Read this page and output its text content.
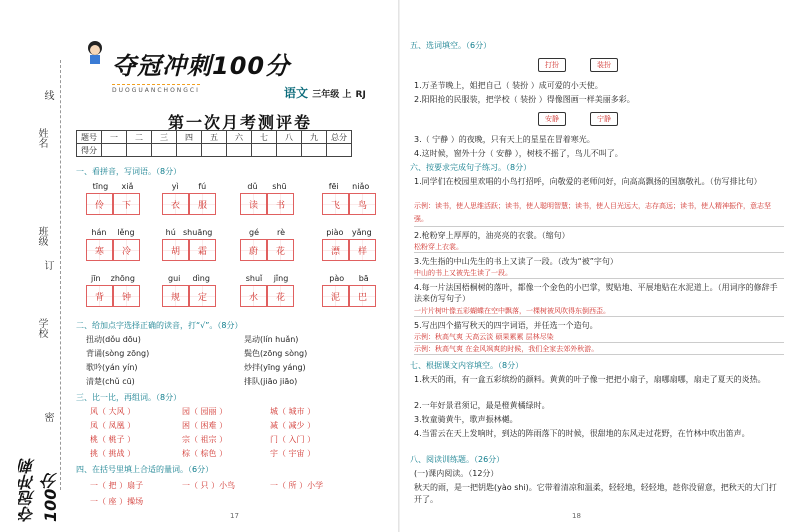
线
姓名
班级
订
学校
密
夺冠冲刺100分
夺冠冲刺100分
DUOGUANCHONGCI	语文 三年级 上 RJ
第一次月考测评卷
题号	一	二	三	四	五	六	七	八	九	总分
得分										
一、看拼音，写词语。（8分）
tīng xiǎ
伶	下
yì fú
衣	服
dǔ shū
读	书
fēi niǎo
飞	鸟
hán lěng
寒	冷
hú shuāng
胡	霜
gé rè
蔚	花
piào yǎng
漂	样
jīn zhōng
背	钟
gui dìng
规	定
shuǐ jǐng
水	花
pào bā
泥	巴
二、给加点字选择正确的读音，打“√”。（8分）
扭动(dǒu dōu)	晃动(lín huǎn)
背诵(sòng zōng)	鬓色(zōng sòng)
歌吟(yán yín)	炒拌(yīng yáng)
清楚(chǔ cū)	排队(jiāo jiāo)
三、比一比，再组词。（8分）
风（ 大风 ）	园（ 园丽 ）	城（ 城市 ）
凤（ 凤凰 ）	困（ 困难 ）	减（ 减少 ）
桃（ 桃子 ）	宗（ 祖宗 ）	门（ 入门 ）
挑（ 挑战 ）	棕（ 棕色 ）	宇（ 宇宙 ）
四、在括号里填上合适的量词。（6分）
一（ 把 ）扇子	一（ 只 ）小鸟	一（ 所 ）小学
一（ 座 ）操场
17
五、选词填空。（6分）
打扮	装扮
1.万圣节晚上，姐把自己（ 装扮 ）成可爱的小天使。
2.阳阳抢的民服装，把学校（ 装扮 ）得像图画一样美丽多彩。
安静	宁静
3.（ 宁静 ）的夜晚，只有天上的星星在冒着寒光。
4.这时候，窗外十分（ 安静 ），树枝不摇了，鸟儿不叫了。
六、按要求完成句子练习。（8分）
1.同学们在校园里欢唱的小鸟打招呼，向敬爱的老师问好，向高高飘扬的国旗敬礼。（仿写排比句）
示例：读书，使人思维活跃；读书，使人聪明智慧；读书，使人目光远大，志存高远；读书，使人精神振作，意志坚强。
2.枪粉穿上厚厚的，油亮亮的衣裳。（缩句）
松粉穿上衣裳。
3.先生指的中山先生的书上又读了一段。（改为“被”字句）
中山的书上又被先生读了一段。
4.每一片法国梧桐树的落叶，都像一个金色的小巴掌，熨贴地、平展地贴在水泥道上。（用词序的修辞手法来仿写句子）
一片片树叶像五彩蝴蝶在空中飘落，一棵树被风吹得东倒西歪。
5.写出四个描写秋天的四字词语，并任选一个造句。
示例：秋高气爽 天高云淡 硕果累累 层林尽染
示例：秋高气爽 在金风飒爽的时候，我们全家去郊外秋游。
七、根据课文内容填空。（8分）
1.秋天的雨，有一盒五彩缤纷的颜料。黄黄的叶子像一把把小扇子，扇哪扇哪，扇走了夏天的炎热。
2.一年好景君须记，最是橙黄橘绿时。
3.牧童骑黄牛，歌声振林樾。
4.当雷云在天上发响时，到达的阵雨落下的时候，很甜地的东风走过花野，在竹林中吹出笛声。
八、阅读训练题。（26分）
(一)课内阅读。（12分）
秋天的雨，是一把钥匙(yào shi)。它带着清凉和温柔，轻轻地，轻轻地，趁你没留意，把秋天的大门打开了。
18
